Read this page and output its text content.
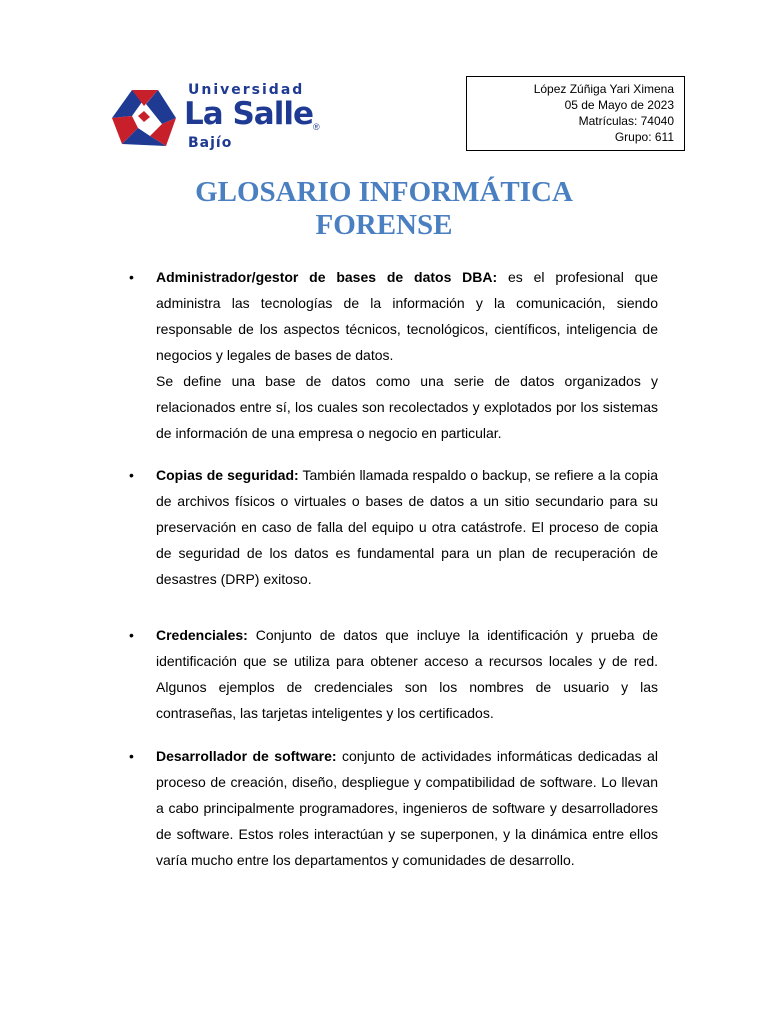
Universidad
La Salle ®
Bajío
López Zúñiga Yari Ximena
05 de Mayo de 2023
Matrículas: 74040
Grupo: 611
GLOSARIO INFORMÁTICA
FORENSE
• Administrador/gestor de bases de datos DBA: es el profesional que administra las tecnologías de la información y la comunicación, siendo responsable de los aspectos técnicos, tecnológicos, científicos, inteligencia de negocios y legales de bases de datos.

Se define una base de datos como una serie de datos organizados y relacionados entre sí, los cuales son recolectados y explotados por los sistemas de información de una empresa o negocio en particular.

• Copias de seguridad: También llamada respaldo o backup, se refiere a la copia de archivos físicos o virtuales o bases de datos a un sitio secundario para su preservación en caso de falla del equipo u otra catástrofe. El proceso de copia de seguridad de los datos es fundamental para un plan de recuperación de desastres (DRP) exitoso.

• Credenciales: Conjunto de datos que incluye la identificación y prueba de identificación que se utiliza para obtener acceso a recursos locales y de red. Algunos ejemplos de credenciales son los nombres de usuario y las contraseñas, las tarjetas inteligentes y los certificados.

• Desarrollador de software: conjunto de actividades informáticas dedicadas al proceso de creación, diseño, despliegue y compatibilidad de software. Lo llevan a cabo principalmente programadores, ingenieros de software y desarrolladores de software. Estos roles interactúan y se superponen, y la dinámica entre ellos varía mucho entre los departamentos y comunidades de desarrollo.
